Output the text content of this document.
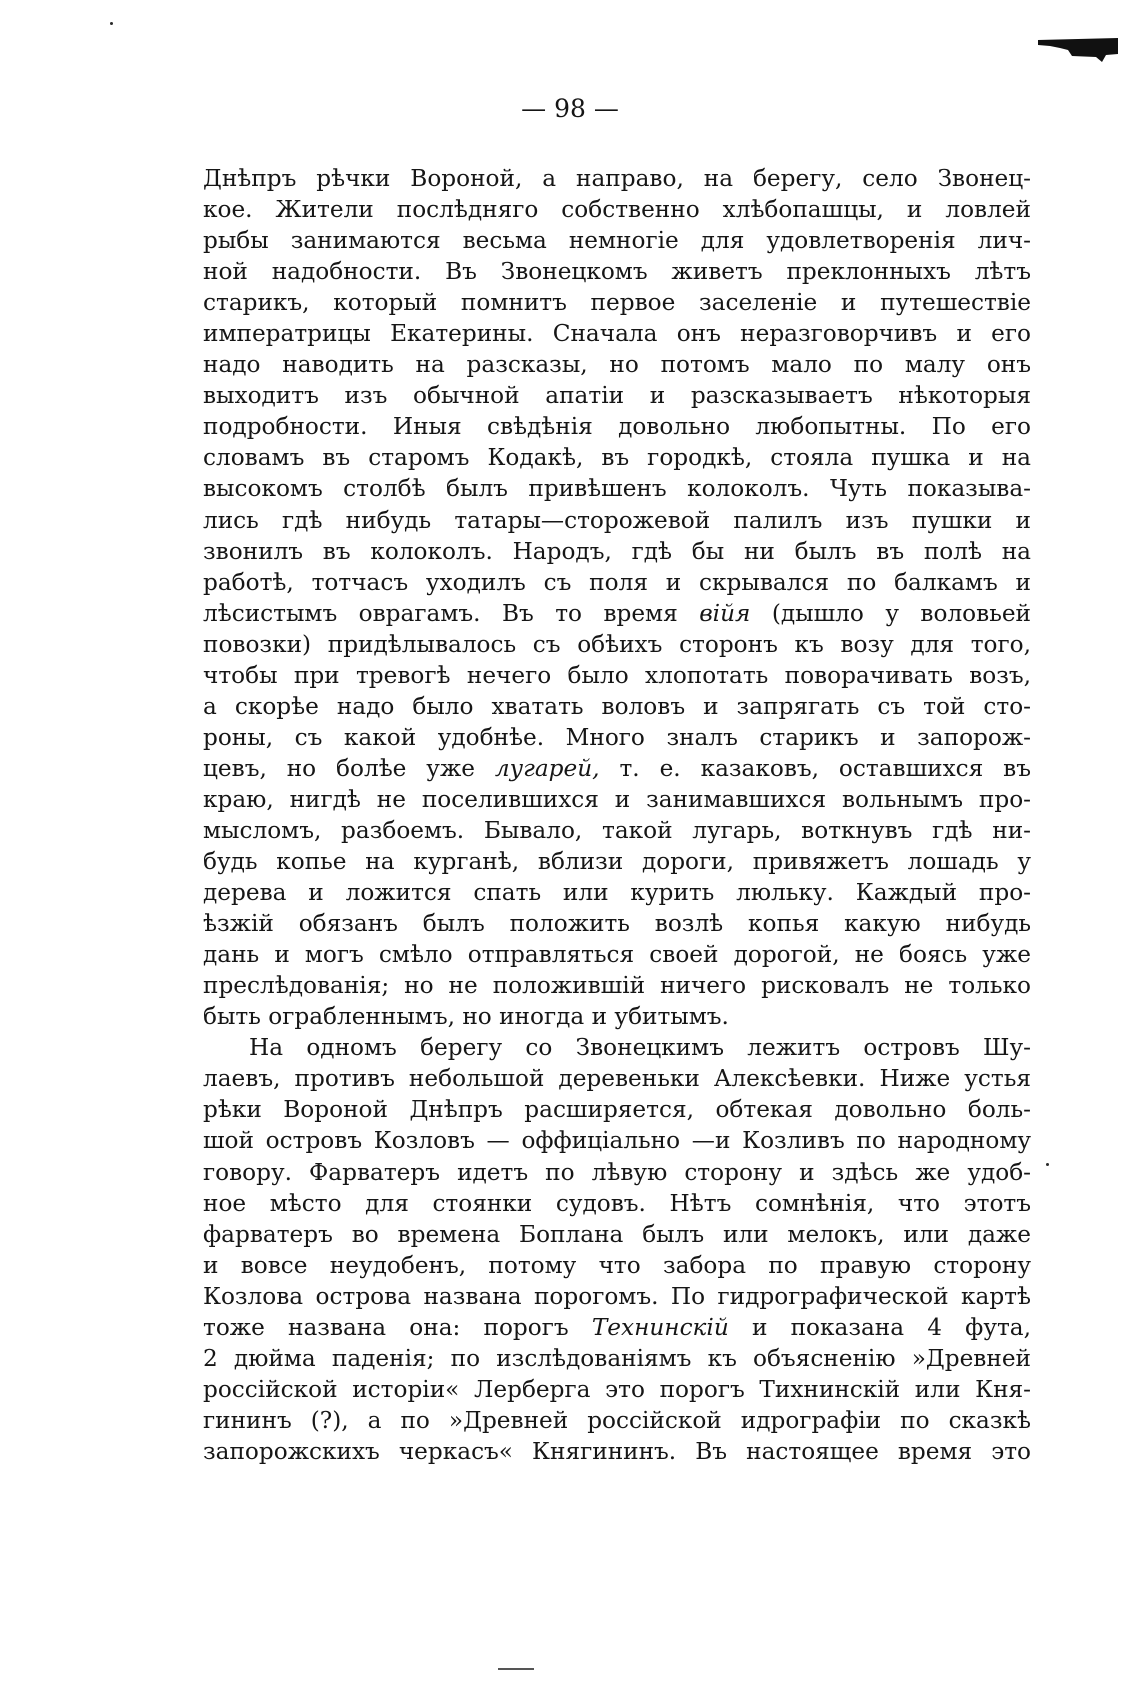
— 98 —
Днѣпръ рѣчки Вороной, а направо, на берегу, село Звонец-
кое. Жители послѣдняго собственно хлѣбопашцы, и ловлей
рыбы занимаются весьма немногіе для удовлетворенія лич-
ной надобности. Въ Звонецкомъ живетъ преклонныхъ лѣтъ
старикъ, который помнитъ первое заселеніе и путешествіе
императрицы Екатерины. Сначала онъ неразговорчивъ и его
надо наводить на разсказы, но потомъ мало по малу онъ
выходитъ изъ обычной апатіи и разсказываетъ нѣкоторыя
подробности. Иныя свѣдѣнія довольно любопытны. По его
словамъ въ старомъ Кодакѣ, въ городкѣ, стояла пушка и на
высокомъ столбѣ былъ привѣшенъ колоколъ. Чуть показыва-
лись гдѣ нибудь татары—сторожевой палилъ изъ пушки и
звонилъ въ колоколъ. Народъ, гдѣ бы ни былъ въ полѣ на
работѣ, тотчасъ уходилъ съ поля и скрывался по балкамъ и
лѣсистымъ оврагамъ. Въ то время війя (дышло у воловьей
повозки) придѣлывалось съ обѣихъ сторонъ къ возу для того,
чтобы при тревогѣ нечего было хлопотать поворачивать возъ,
а скорѣе надо было хватать воловъ и запрягать съ той сто-
роны, съ какой удобнѣе. Много зналъ старикъ и запорож-
цевъ, но болѣе уже лугарей, т. е. казаковъ, оставшихся въ
краю, нигдѣ не поселившихся и занимавшихся вольнымъ про-
мысломъ, разбоемъ. Бывало, такой лугарь, воткнувъ гдѣ ни-
будь копье на курганѣ, вблизи дороги, привяжетъ лошадь у
дерева и ложится спать или курить люльку. Каждый про-
ѣзжій обязанъ былъ положить возлѣ копья какую нибудь
дань и могъ смѣло отправляться своей дорогой, не боясь уже
преслѣдованія; но не положившій ничего рисковалъ не только
быть ограбленнымъ, но иногда и убитымъ.
На одномъ берегу со Звонецкимъ лежитъ островъ Шу-
лаевъ, противъ небольшой деревеньки Алексѣевки. Ниже устья
рѣки Вороной Днѣпръ расширяется, обтекая довольно боль-
шой островъ Козловъ — оффиціально —и Козливъ по народному
говору. Фарватеръ идетъ по лѣвую сторону и здѣсь же удоб-
ное мѣсто для стоянки судовъ. Нѣтъ сомнѣнія, что этотъ
фарватеръ во времена Боплана былъ или мелокъ, или даже
и вовсе неудобенъ, потому что забора по правую сторону
Козлова острова названа порогомъ. По гидрографической картѣ
тоже названа она: порогъ Технинскій и показана 4 фута,
2 дюйма паденія; по изслѣдованіямъ къ объясненію »Древней
россійской исторіи« Лерберга это порогъ Тихнинскій или Кня-
гининъ (?), а по »Древней россійской идрографіи по сказкѣ
запорожскихъ черкасъ« Княгининъ. Въ настоящее время это
